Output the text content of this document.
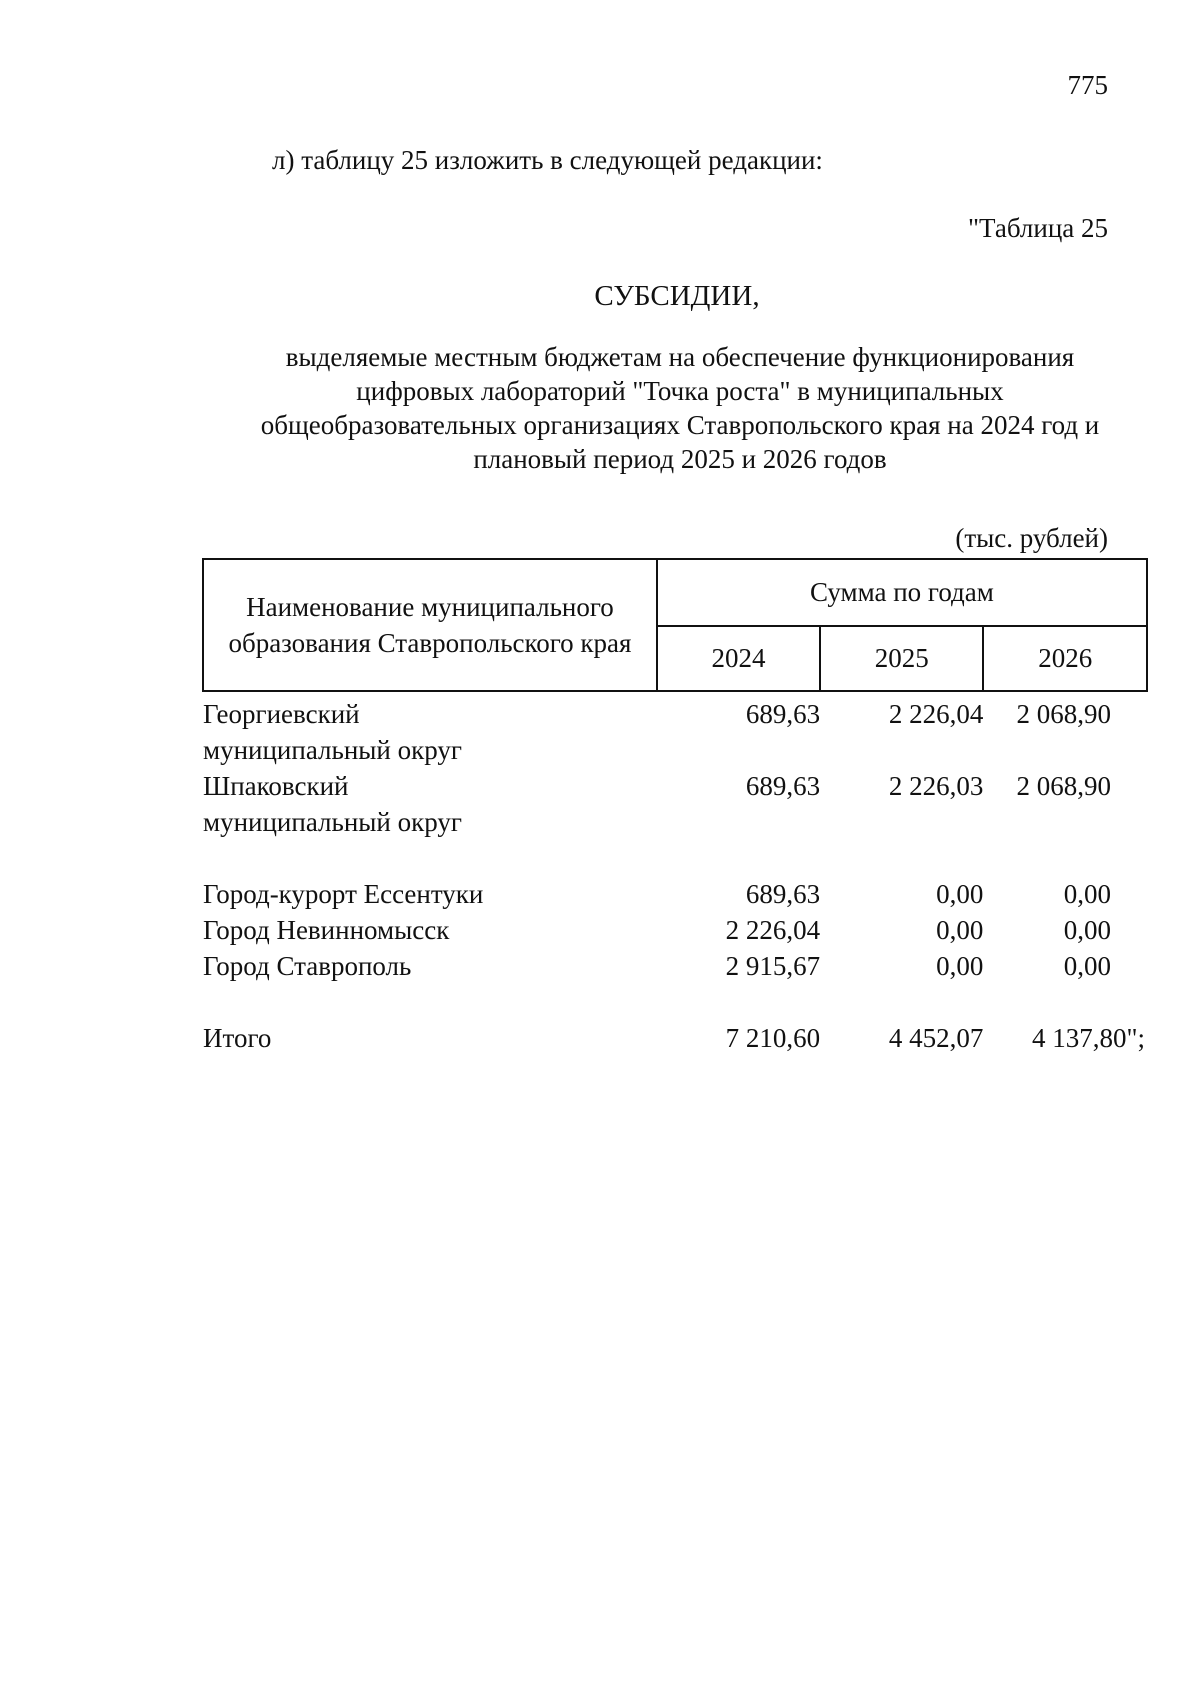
775
л) таблицу 25 изложить в следующей редакции:
"Таблица 25
СУБСИДИИ,
выделяемые местным бюджетам на обеспечение функционирования
цифровых лабораторий "Точка роста" в муниципальных
общеобразовательных организациях Ставропольского края на 2024 год и
плановый период 2025 и 2026 годов
(тыс. рублей)
Наименование муниципального
образования Ставропольского края	Сумма по годам		
	2024	2025	2026

Георгиевский
муниципальный округ	689,63	2 226,04	2 068,90

Шпаковский
муниципальный округ	689,63	2 226,03	2 068,90

Город-курорт Ессентуки	689,63	0,00	0,00
Город Невинномысск	2 226,04	0,00	0,00
Город Ставрополь	2 915,67	0,00	0,00

Итого	7 210,60	4 452,07	4 137,80";
